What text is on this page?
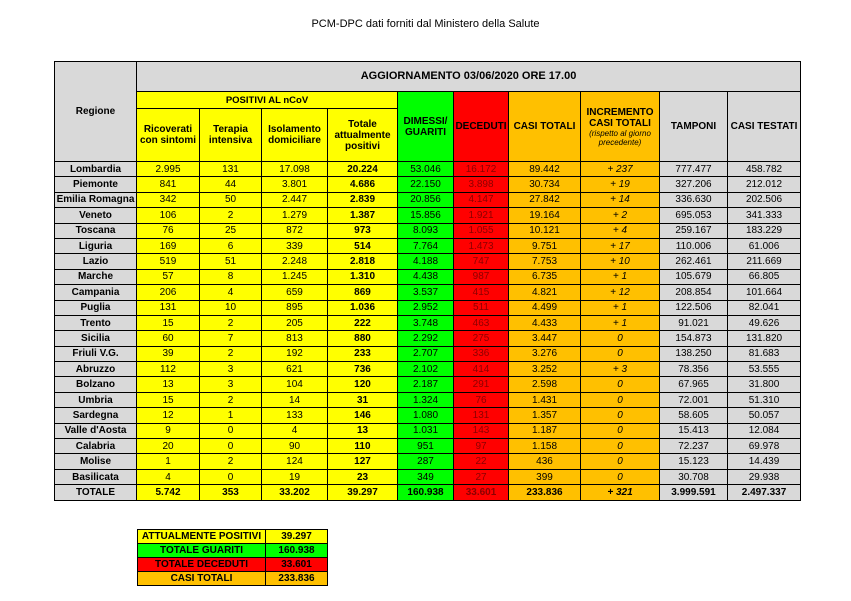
PCM-DPC dati forniti dal Ministero della Salute
Regione	AGGIORNAMENTO 03/06/2020 ORE 17.00									
	POSITIVI AL nCoV				DIMESSI/ GUARITI	DECEDUTI	CASI TOTALI	INCREMENTO CASI TOTALI
(rispetto al giorno precedente)	TAMPONI	CASI TESTATI
	Ricoverati con sintomi	Terapia intensiva	Isolamento domiciliare	Totale attualmente positivi						
Lombardia	2.995	131	17.098	20.224	53.046	16.172	89.442	+ 237	777.477	458.782
Piemonte	841	44	3.801	4.686	22.150	3.898	30.734	+ 19	327.206	212.012
Emilia Romagna	342	50	2.447	2.839	20.856	4.147	27.842	+ 14	336.630	202.506
Veneto	106	2	1.279	1.387	15.856	1.921	19.164	+ 2	695.053	341.333
Toscana	76	25	872	973	8.093	1.055	10.121	+ 4	259.167	183.229
Liguria	169	6	339	514	7.764	1.473	9.751	+ 17	110.006	61.006
Lazio	519	51	2.248	2.818	4.188	747	7.753	+ 10	262.461	211.669
Marche	57	8	1.245	1.310	4.438	987	6.735	+ 1	105.679	66.805
Campania	206	4	659	869	3.537	415	4.821	+ 12	208.854	101.664
Puglia	131	10	895	1.036	2.952	511	4.499	+ 1	122.506	82.041
Trento	15	2	205	222	3.748	463	4.433	+ 1	91.021	49.626
Sicilia	60	7	813	880	2.292	275	3.447	0	154.873	131.820
Friuli V.G.	39	2	192	233	2.707	336	3.276	0	138.250	81.683
Abruzzo	112	3	621	736	2.102	414	3.252	+ 3	78.356	53.555
Bolzano	13	3	104	120	2.187	291	2.598	0	67.965	31.800
Umbria	15	2	14	31	1.324	76	1.431	0	72.001	51.310
Sardegna	12	1	133	146	1.080	131	1.357	0	58.605	50.057
Valle d'Aosta	9	0	4	13	1.031	143	1.187	0	15.413	12.084
Calabria	20	0	90	110	951	97	1.158	0	72.237	69.978
Molise	1	2	124	127	287	22	436	0	15.123	14.439
Basilicata	4	0	19	23	349	27	399	0	30.708	29.938
TOTALE	5.742	353	33.202	39.297	160.938	33.601	233.836	+ 321	3.999.591	2.497.337
ATTUALMENTE POSITIVI	39.297
TOTALE GUARITI	160.938
TOTALE DECEDUTI	33.601
CASI TOTALI	233.836
